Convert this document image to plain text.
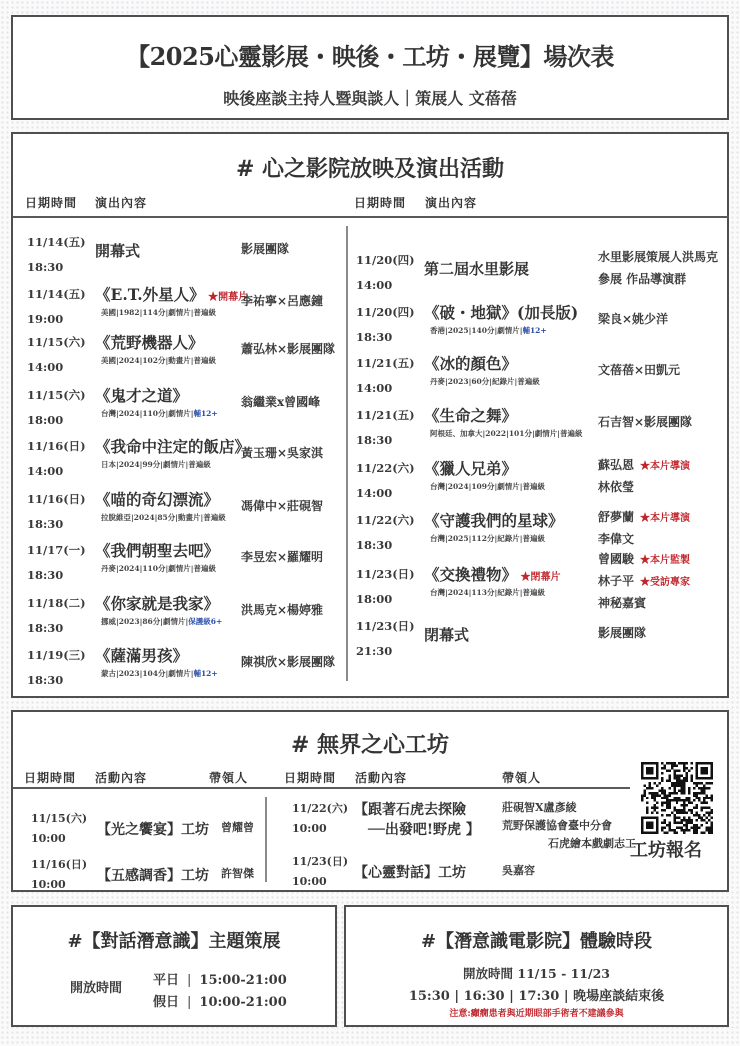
【2025心靈影展・映後・工坊・展覽】場次表
映後座談主持人暨與談人｜策展人 文蓓蓓
# 心之影院放映及演出活動
日期時間 演出內容	日期時間 演出內容
11/14(五)
18:30
開幕式	影展團隊
11/14(五)
19:00
《E.T.外星人》 ★開幕片
美國|1982|114分|劇情片|普遍級
李祐寧×呂應鐘
11/15(六)
14:00
《荒野機器人》
美國|2024|102分|動畫片|普遍級
蕭弘林×影展團隊
11/15(六)
18:00
《鬼才之道》
台灣|2024|110分|劇情片|輔12+
翁繼業x曾國峰
11/16(日)
14:00
《我命中注定的飯店》
日本|2024|99分|劇情片|普遍級
黃玉珊×吳家淇
11/16(日)
18:30
《喵的奇幻漂流》
拉脫維亞|2024|85分|動畫片|普遍級
馮偉中×莊硯智
11/17(一)
18:30
《我們朝聖去吧》
丹麥|2024|110分|劇情片|普遍級
李昱宏×羅耀明
11/18(二)
18:30
《你家就是我家》
挪威|2023|86分|劇情片|保護級6+
洪馬克×楊婷雅
11/19(三)
18:30
《薩滿男孩》
蒙古|2023|104分|劇情片|輔12+
陳祺欣×影展團隊
11/20(四)
14:00
第二屆水里影展
水里影展策展人洪馬克
參展 作品導演群
11/20(四)
18:30
《破・地獄》(加長版)
香港|2025|140分|劇情片|輔12+
梁良×姚少洋
11/21(五)
14:00
《冰的顏色》
丹麥|2023|60分|紀錄片|普遍級
文蓓蓓×田凱元
11/21(五)
18:30
《生命之舞》
阿根廷、加拿大|2022|101分|劇情片|普遍級
石吉智×影展團隊
11/22(六)
14:00
《獵人兄弟》
台灣|2024|109分|劇情片|普遍級
蘇弘恩 ★本片導演
林依瑩
11/22(六)
18:30
《守護我們的星球》
台灣|2025|112分|紀錄片|普遍級
舒夢蘭 ★本片導演
李偉文
11/23(日)
18:00
《交換禮物》 ★閉幕片
台灣|2024|113分|紀錄片|普遍級
曾國駿 ★本片監製
林子平 ★受訪專家
神秘嘉賓
11/23(日)
21:30
閉幕式	影展團隊
# 無界之心工坊
日期時間 活動內容	帶領人	日期時間 活動內容	帶領人
11/15(六)
10:00
【光之饗宴】工坊 曾耀曾
11/16(日)
10:00
【五感調香】工坊 許智傑
11/22(六)
10:00
【跟著石虎去探險
──出發吧!野虎 】
莊硯智X盧彥綾
荒野保護協會臺中分會
石虎繪本戲劇志工
11/23(日)
10:00
【心靈對話】工坊	吳嘉容
工坊報名
#【對話潛意識】主題策展
開放時間
平日 | 15:00-21:00
假日 | 10:00-21:00
#【潛意識電影院】體驗時段
開放時間 11/15 - 11/23
15:30 | 16:30 | 17:30 | 晚場座談結束後
注意:癲癇患者與近期眼部手術者不建議參與
